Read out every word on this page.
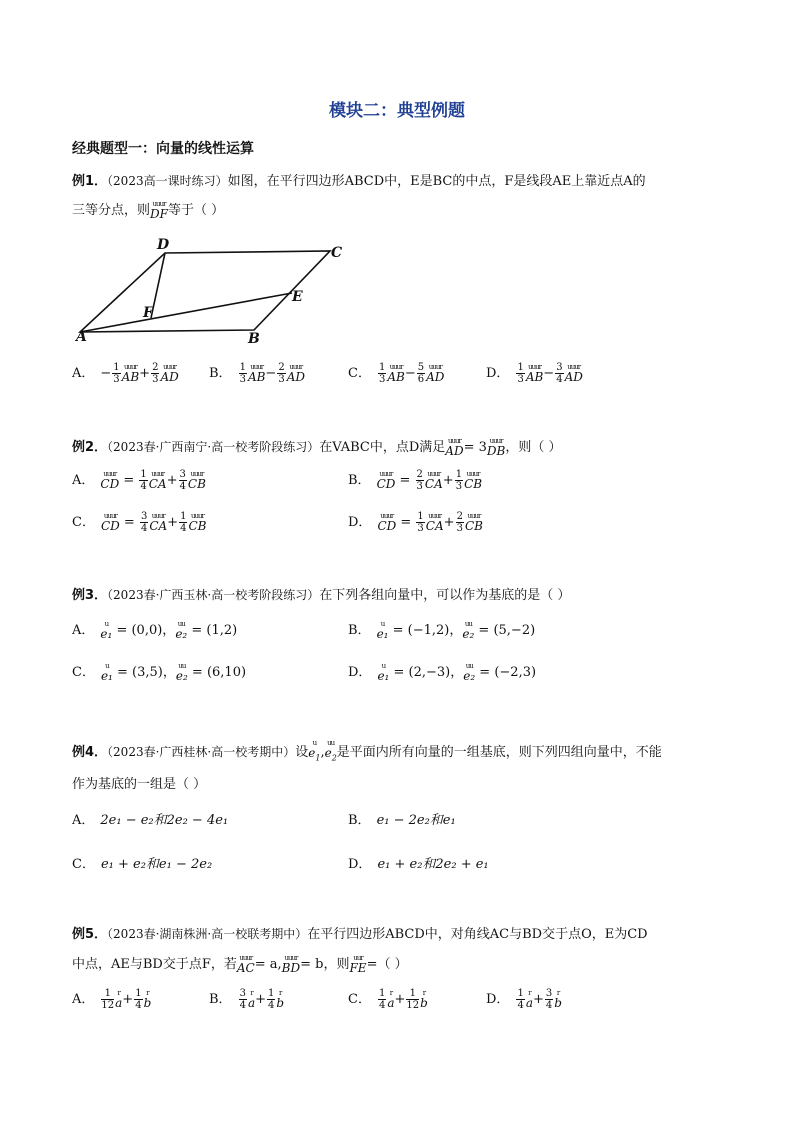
模块二：典型例题
经典题型一：向量的线性运算
例1．（2023高一课时练习）如图，在平行四边形ABCD中，E是BC的中点，F是线段AE上靠近点A的
三等分点，则 uuur
DF 等于（ ）
A	B
C
D
E
F
例2．（2023春·广西南宁·高一校考阶段练习）在VABC中，点D满足 uuur
AD = 3 uuur
DB ，则（ ）
例3．（2023春·广西玉林·高一校考阶段练习）在下列各组向量中，可以作为基底的是（ ）
例4．（2023春·广西桂林·高一校考期中）设
u
$e_1$ ,
uu
$e_2$ 是平面内所有向量的一组基底，则下列四组向量中，不能
作为基底的一组是（ ）
例5．（2023春·湖南株洲·高一校联考期中）在平行四边形ABCD中，对角线AC与BD交于点O，E为CD
中点，AE与BD交于点F，若 uuur
AC = a, uuur
BD = b，则 uur
FE =（ ）
A． − $\frac{1}{3}$ uuur
AB + $\frac{2}{3}$ uuur
AD B． $\frac{1}{3}$ uuur
AB − $\frac{2}{3}$ uuur
AD	C． $\frac{1}{3}$ uuur
AB − $\frac{5}{6}$ uuur
AD	D． $\frac{1}{3}$ uuur
AB − $\frac{3}{4}$ uuur
AD
A．	uuur
CD = $\frac{1}{4}$ uuur
CA + $\frac{3}{4}$ uuur
CB	B．	uuur
CD = $\frac{2}{3}$ uuur
CA + $\frac{1}{3}$ uuur
CB
C．	uuur
CD = $\frac{3}{4}$ uuur
CA + $\frac{1}{4}$ uuur
CB	D．	uuur
CD = $\frac{1}{3}$ uuur
CA + $\frac{2}{3}$ uuur
CB
A．	u
e₁ = (0,0)， uu
e₂ = (1,2)	B．	u
e₁ = (−1,2)， uu
e₂ = (5,−2)
C．	u
e₁ = (3,5)， uu
e₂ = (6,10)	D．	u
e₁ = (2,−3)， uu
e₂ = (−2,3)
A． 2e₁ − e₂和2e₂ − 4e₁	B． e₁ − 2e₂和e₁
C． e₁ + e₂和e₁ − 2e₂	D． e₁ + e₂和2e₂ + e₁
A． $\frac{1}{12}$ r
$a + \frac{1}{4}$ r
b	B． $\frac{3}{4}$ r
$a + \frac{1}{4}$ r
b	C． $\frac{1}{4}$ r
$a + \frac{1}{12}$ r
b	D． $\frac{1}{4}$ r
$a + \frac{3}{4}$ r
b
